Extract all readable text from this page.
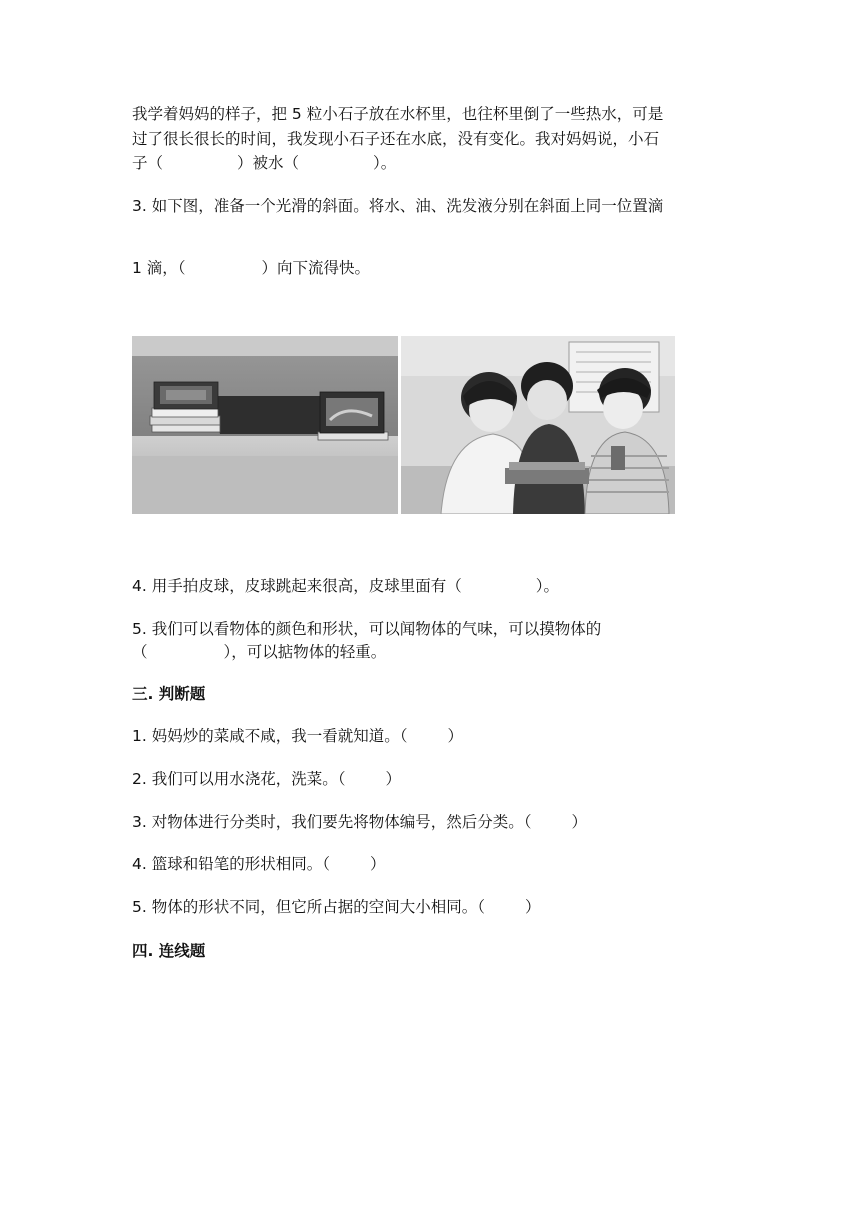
我学着妈妈的样子，把 5 粒小石子放在水杯里，也往杯里倒了一些热水，可是
过了很长很长的时间，我发现小石子还在水底，没有变化。我对妈妈说，小石
子（	）被水（	）。
3. 如下图，准备一个光滑的斜面。将水、油、洗发液分别在斜面上同一位置滴
1 滴，（	）向下流得快。
4. 用手拍皮球，皮球跳起来很高，皮球里面有（	）。
5. 我们可以看物体的颜色和形状，可以闻物体的气味，可以摸物体的
（	），可以掂物体的轻重。
三. 判断题
1. 妈妈炒的菜咸不咸，我一看就知道。（	）
2. 我们可以用水浇花，洗菜。（	）
3. 对物体进行分类时，我们要先将物体编号，然后分类。（	）
4. 篮球和铅笔的形状相同。（	）
5. 物体的形状不同，但它所占据的空间大小相同。（	）
四. 连线题
